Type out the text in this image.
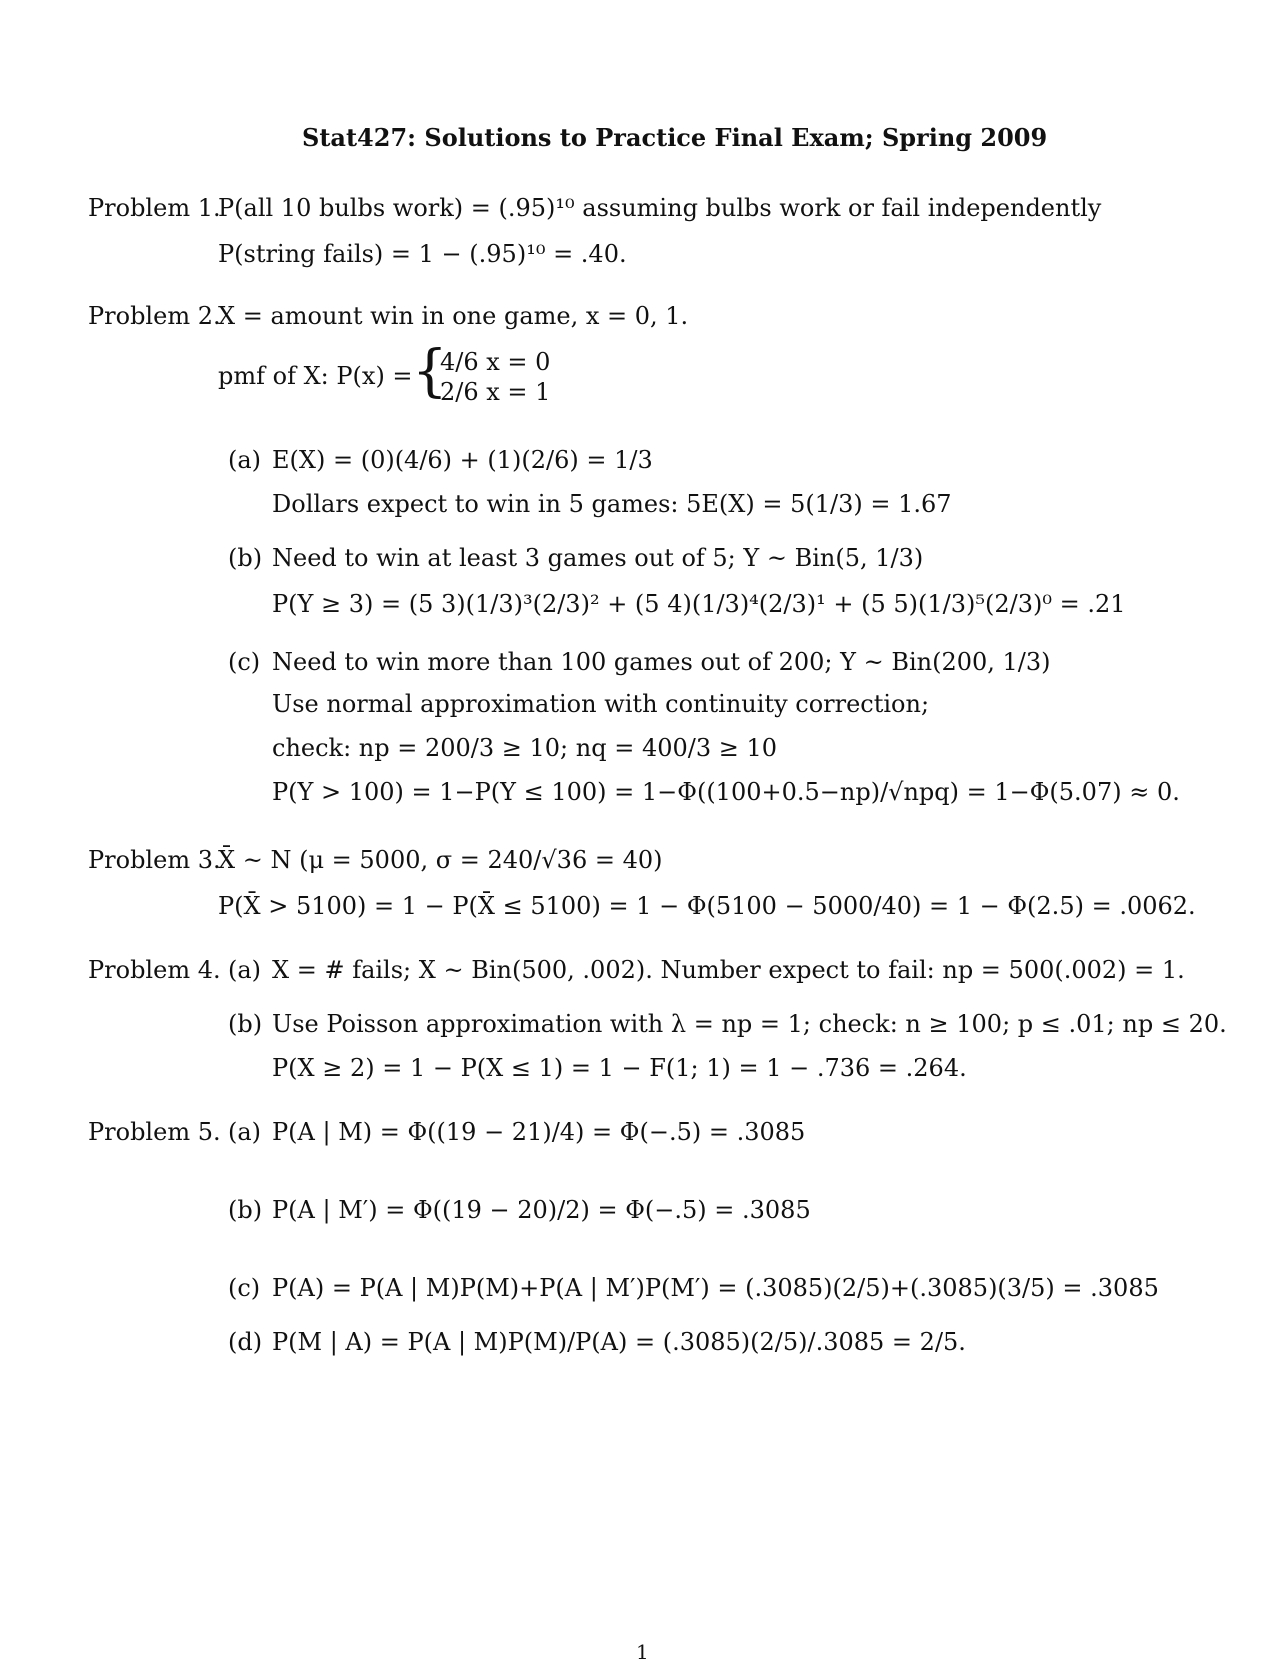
Stat427: Solutions to Practice Final Exam; Spring 2009
Problem 1.
P(all 10 bulbs work) = (.95)¹⁰ assuming bulbs work or fail independently
P(string fails) = 1 − (.95)¹⁰ = .40.
Problem 2.
X = amount win in one game, x = 0, 1.
pmf of X: P(x) = {
4/6 x = 0
2/6 x = 1
(a) E(X) = (0)(4/6) + (1)(2/6) = 1/3
Dollars expect to win in 5 games: 5E(X) = 5(1/3) = 1.67
(b) Need to win at least 3 games out of 5; Y ~ Bin(5, 1/3)
P(Y ≥ 3) = (5 3)(1/3)³(2/3)² + (5 4)(1/3)⁴(2/3)¹ + (5 5)(1/3)⁵(2/3)⁰ = .21
(c) Need to win more than 100 games out of 200; Y ~ Bin(200, 1/3)
Use normal approximation with continuity correction;
check: np = 200/3 ≥ 10; nq = 400/3 ≥ 10
P(Y > 100) = 1−P(Y ≤ 100) = 1−Φ((100+0.5−np)/√npq) = 1−Φ(5.07) ≈ 0.
Problem 3.
X̄ ~ N (μ = 5000, σ = 240/√36 = 40)
P(X̄ > 5100) = 1 − P(X̄ ≤ 5100) = 1 − Φ(5100 − 5000/40) = 1 − Φ(2.5) = .0062.
Problem 4. (a) X = # fails; X ~ Bin(500, .002). Number expect to fail: np = 500(.002) = 1.
(b) Use Poisson approximation with λ = np = 1; check: n ≥ 100; p ≤ .01; np ≤ 20.
P(X ≥ 2) = 1 − P(X ≤ 1) = 1 − F(1; 1) = 1 − .736 = .264.
Problem 5. (a) P(A | M) = Φ((19 − 21)/4) = Φ(−.5) = .3085
(b) P(A | M′) = Φ((19 − 20)/2) = Φ(−.5) = .3085
(c) P(A) = P(A | M)P(M)+P(A | M′)P(M′) = (.3085)(2/5)+(.3085)(3/5) = .3085
(d) P(M | A) = P(A | M)P(M)/P(A) = (.3085)(2/5)/.3085 = 2/5.
1
